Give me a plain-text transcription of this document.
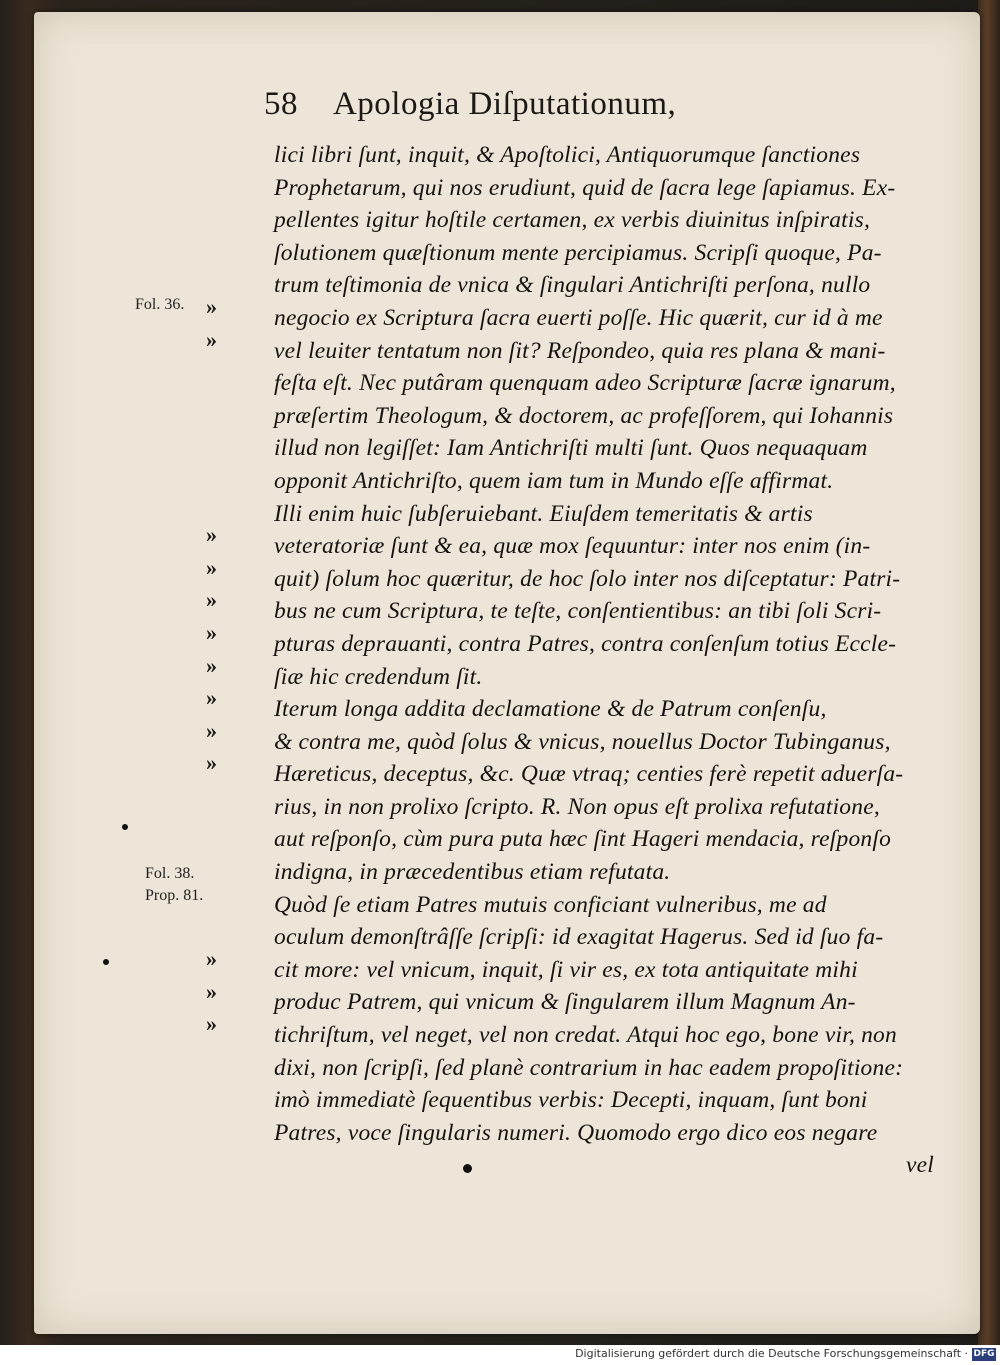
58 Apologia Diſputationum,
lici libri ſunt, inquit, & Apoſtolici, Antiquorumque ſanctiones
Prophetarum, qui nos erudiunt, quid de ſacra lege ſapiamus. Ex-
pellentes igitur hoſtile certamen, ex verbis diuinitus inſpiratis,
ſolutionem quæſtionum mente percipiamus. Scripſi quoque, Pa-
trum teſtimonia de vnica & ſingulari Antichriſti perſona, nullo
negocio ex Scriptura ſacra euerti poſſe. Hic quærit, cur id à me
vel leuiter tentatum non ſit? Reſpondeo, quia res plana & mani-
feſta eſt. Nec putâram quenquam adeo Scripturæ ſacræ ignarum,
præſertim Theologum, & doctorem, ac profeſſorem, qui Iohannis
illud non legiſſet: Iam Antichriſti multi ſunt. Quos nequaquam
opponit Antichriſto, quem iam tum in Mundo eſſe affirmat.
Illi enim huic ſubſeruiebant. Eiuſdem temeritatis & artis
veteratoriæ ſunt & ea, quæ mox ſequuntur: inter nos enim (in-
quit) ſolum hoc quæritur, de hoc ſolo inter nos diſceptatur: Patri-
bus ne cum Scriptura, te teſte, conſentientibus: an tibi ſoli Scri-
pturas deprauanti, contra Patres, contra conſenſum totius Eccle-
ſiæ hic credendum ſit.
Iterum longa addita declamatione & de Patrum conſenſu,
& contra me, quòd ſolus & vnicus, nouellus Doctor Tubinganus,
Hæreticus, deceptus, &c. Quæ vtraq; centies ferè repetit aduerſa-
rius, in non prolixo ſcripto. R. Non opus eſt prolixa refutatione,
aut reſponſo, cùm pura puta hæc ſint Hageri mendacia, reſponſo
indigna, in præcedentibus etiam refutata.
Quòd ſe etiam Patres mutuis conficiant vulneribus, me ad
oculum demonſtrâſſe ſcripſi: id exagitat Hagerus. Sed id ſuo fa-
cit more: vel vnicum, inquit, ſi vir es, ex tota antiquitate mihi
produc Patrem, qui vnicum & ſingularem illum Magnum An-
tichriſtum, vel neget, vel non credat. Atqui hoc ego, bone vir, non
dixi, non ſcripſi, ſed planè contrarium in hac eadem propoſitione:
imò immediatè ſequentibus verbis: Decepti, inquam, ſunt boni
Patres, voce ſingularis numeri. Quomodo ergo dico eos negare
vel
Fol. 36.
Fol. 38.
Prop. 81.
»
»
»
»
»
»
»
»
»
»
»
»
»
Digitalisierung gefördert durch die Deutsche Forschungsgemeinschaft · DFG
